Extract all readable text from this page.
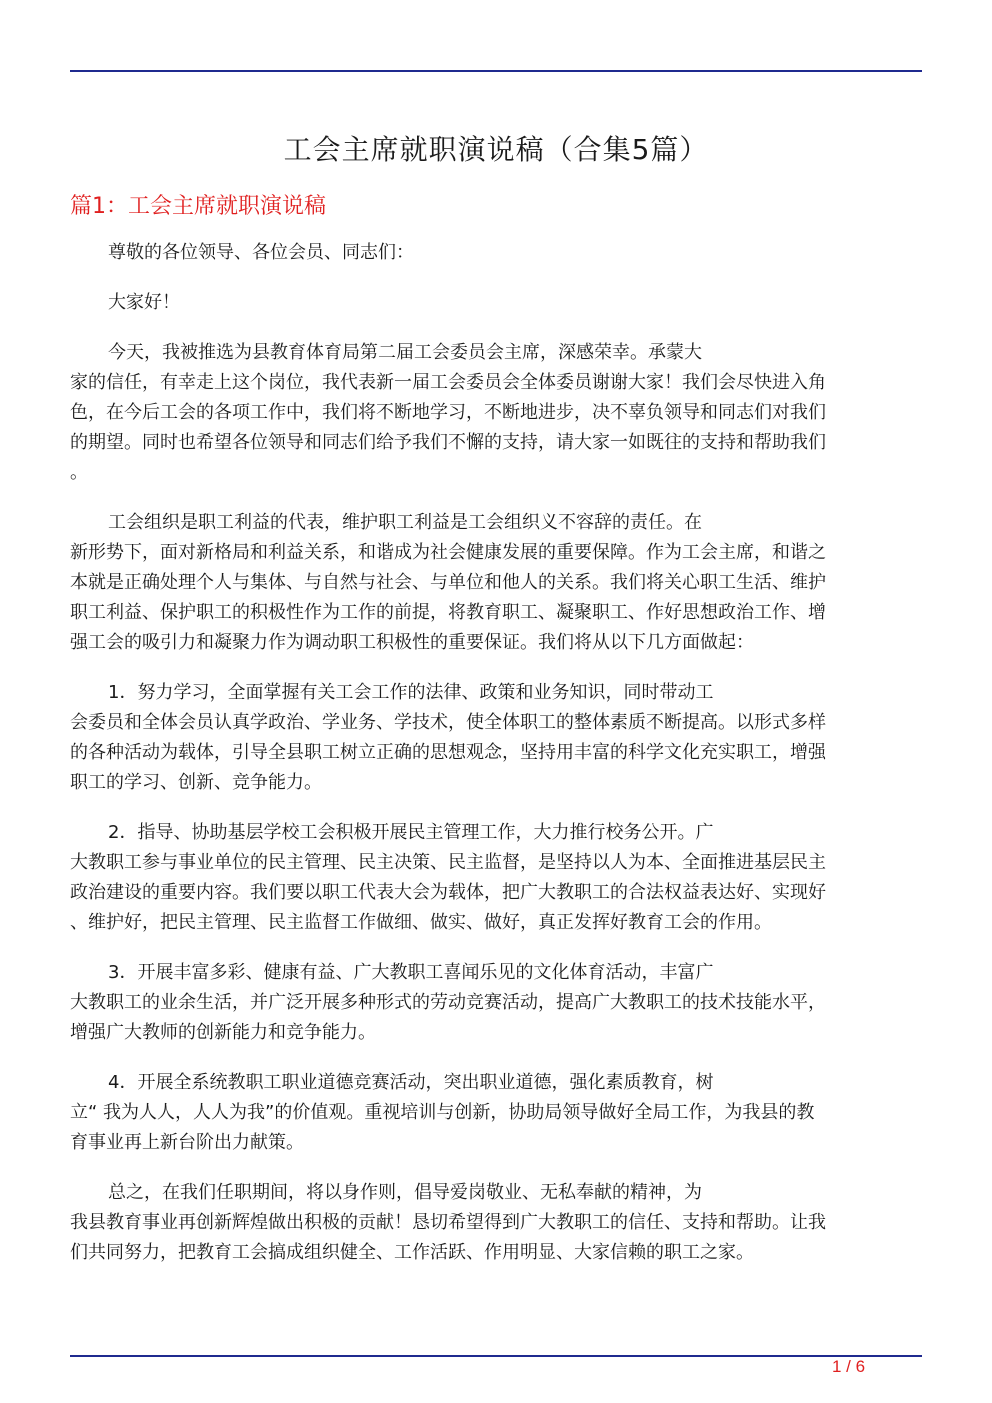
工会主席就职演说稿（合集5篇）
篇1：工会主席就职演说稿

尊敬的各位领导、各位会员、同志们：

大家好！

今天，我被推选为县教育体育局第二届工会委员会主席，深感荣幸。承蒙大
家的信任，有幸走上这个岗位，我代表新一届工会委员会全体委员谢谢大家！我们会尽快进入角
色，在今后工会的各项工作中，我们将不断地学习，不断地进步，决不辜负领导和同志们对我们
的期望。同时也希望各位领导和同志们给予我们不懈的支持，请大家一如既往的支持和帮助我们
。

工会组织是职工利益的代表，维护职工利益是工会组织义不容辞的责任。在
新形势下，面对新格局和利益关系，和谐成为社会健康发展的重要保障。作为工会主席，和谐之
本就是正确处理个人与集体、与自然与社会、与单位和他人的关系。我们将关心职工生活、维护
职工利益、保护职工的积极性作为工作的前提，将教育职工、凝聚职工、作好思想政治工作、增
强工会的吸引力和凝聚力作为调动职工积极性的重要保证。我们将从以下几方面做起：

1．努力学习，全面掌握有关工会工作的法律、政策和业务知识，同时带动工
会委员和全体会员认真学政治、学业务、学技术，使全体职工的整体素质不断提高。以形式多样
的各种活动为载体，引导全县职工树立正确的思想观念，坚持用丰富的科学文化充实职工，增强
职工的学习、创新、竞争能力。

2．指导、协助基层学校工会积极开展民主管理工作，大力推行校务公开。广
大教职工参与事业单位的民主管理、民主决策、民主监督，是坚持以人为本、全面推进基层民主
政治建设的重要内容。我们要以职工代表大会为载体，把广大教职工的合法权益表达好、实现好
、维护好，把民主管理、民主监督工作做细、做实、做好，真正发挥好教育工会的作用。

3．开展丰富多彩、健康有益、广大教职工喜闻乐见的文化体育活动，丰富广
大教职工的业余生活，并广泛开展多种形式的劳动竞赛活动，提高广大教职工的技术技能水平，
增强广大教师的创新能力和竞争能力。

4．开展全系统教职工职业道德竞赛活动，突出职业道德，强化素质教育，树
立“ 我为人人，人人为我”的价值观。重视培训与创新，协助局领导做好全局工作，为我县的教
育事业再上新台阶出力献策。

总之，在我们任职期间，将以身作则，倡导爱岗敬业、无私奉献的精神，为
我县教育事业再创新辉煌做出积极的贡献！恳切希望得到广大教职工的信任、支持和帮助。让我
们共同努力，把教育工会搞成组织健全、工作活跃、作用明显、大家信赖的职工之家。

1 / 6
